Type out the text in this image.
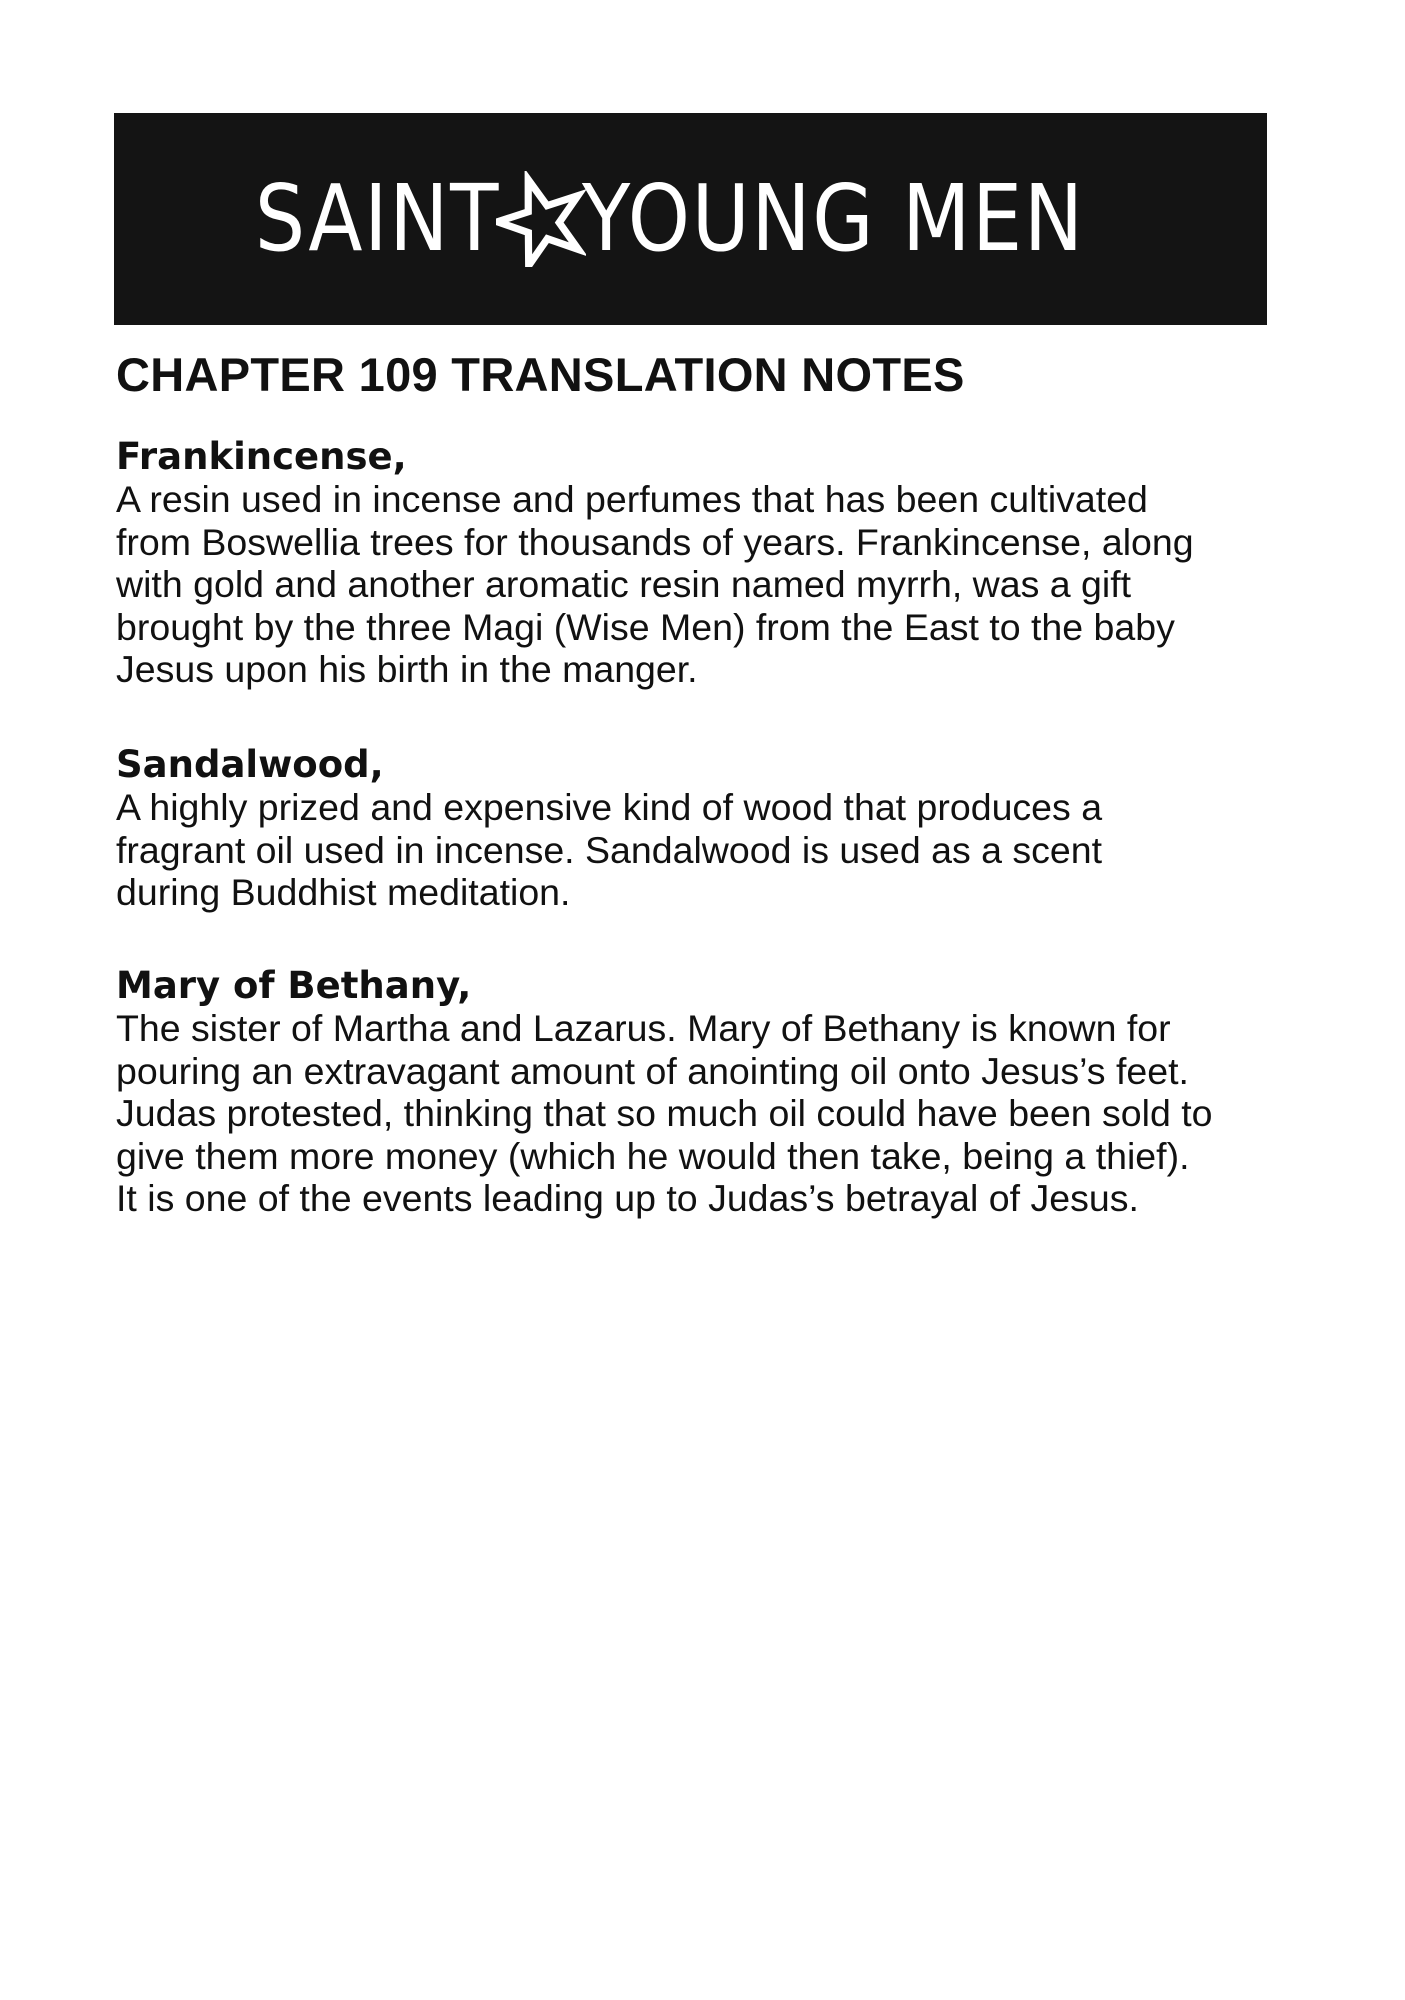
SAINT YOUNG MEN
CHAPTER 109 TRANSLATION NOTES
Frankincense,
A resin used in incense and perfumes that has been cultivated
from Boswellia trees for thousands of years. Frankincense, along
with gold and another aromatic resin named myrrh, was a gift
brought by the three Magi (Wise Men) from the East to the baby
Jesus upon his birth in the manger.
Sandalwood,
A highly prized and expensive kind of wood that produces a
fragrant oil used in incense. Sandalwood is used as a scent
during Buddhist meditation.
Mary of Bethany,
The sister of Martha and Lazarus. Mary of Bethany is known for
pouring an extravagant amount of anointing oil onto Jesus’s feet.
Judas protested, thinking that so much oil could have been sold to
give them more money (which he would then take, being a thief).
It is one of the events leading up to Judas’s betrayal of Jesus.
